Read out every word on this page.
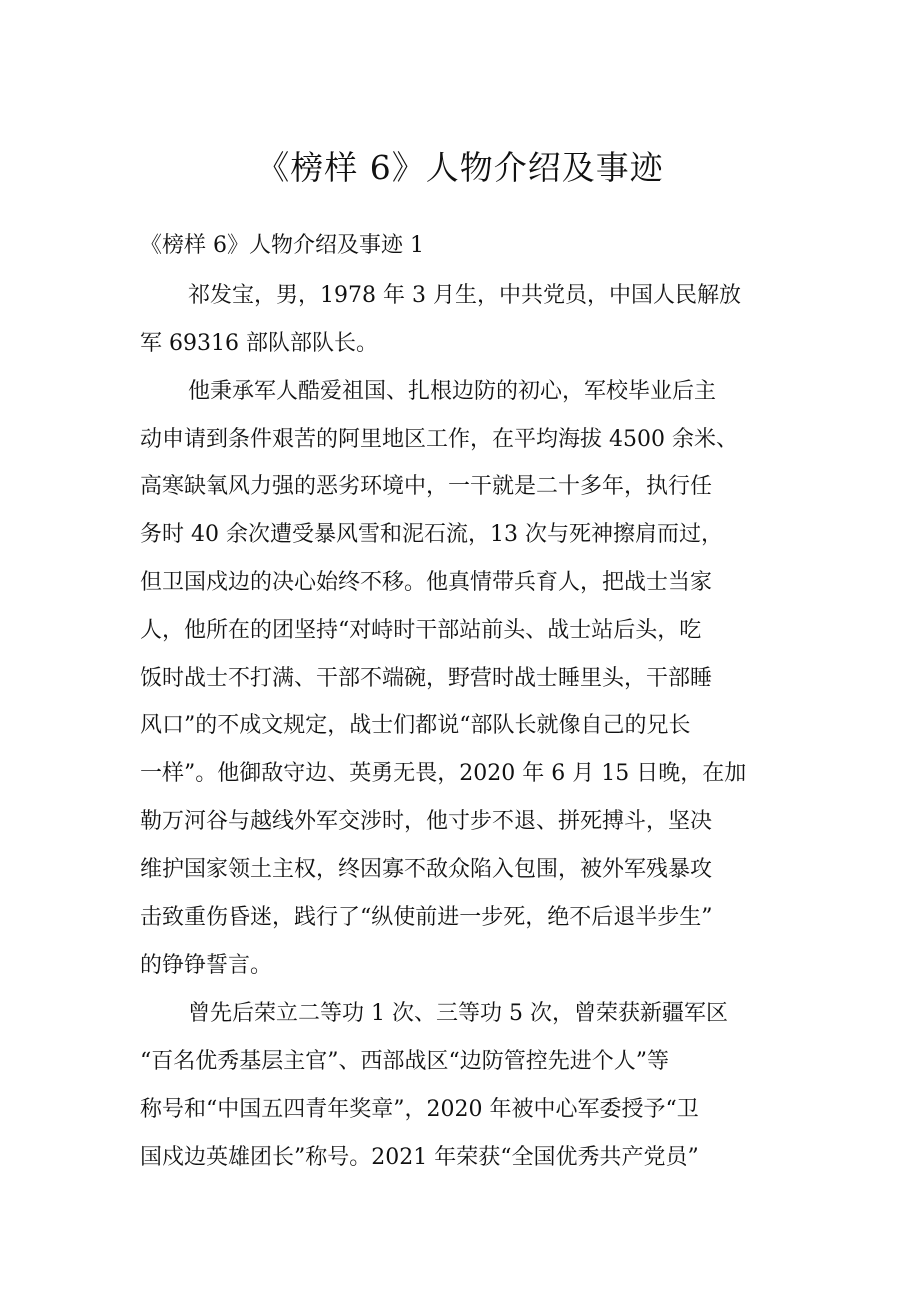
《榜样 6》人物介绍及事迹

《榜样 6》人物介绍及事迹 1

祁发宝，男，1978 年 3 月生，中共党员，中国人民解放

军 69316 部队部队长。

他秉承军人酷爱祖国、扎根边防的初心，军校毕业后主

动申请到条件艰苦的阿里地区工作，在平均海拔 4500 余米、

高寒缺氧风力强的恶劣环境中，一干就是二十多年，执行任

务时 40 余次遭受暴风雪和泥石流，13 次与死神擦肩而过，

但卫国戍边的决心始终不移。他真情带兵育人，把战士当家

人，他所在的团坚持“对峙时干部站前头、战士站后头，吃

饭时战士不打满、干部不端碗，野营时战士睡里头，干部睡

风口”的不成文规定，战士们都说“部队长就像自己的兄长

一样”。他御敌守边、英勇无畏，2020 年 6 月 15 日晚，在加

勒万河谷与越线外军交涉时，他寸步不退、拼死搏斗，坚决

维护国家领土主权，终因寡不敌众陷入包围，被外军残暴攻

击致重伤昏迷，践行了“纵使前进一步死，绝不后退半步生”

的铮铮誓言。

曾先后荣立二等功 1 次、三等功 5 次，曾荣获新疆军区

“百名优秀基层主官”、西部战区“边防管控先进个人”等

称号和“中国五四青年奖章”，2020 年被中心军委授予“卫

国戍边英雄团长”称号。2021 年荣获“全国优秀共产党员”
